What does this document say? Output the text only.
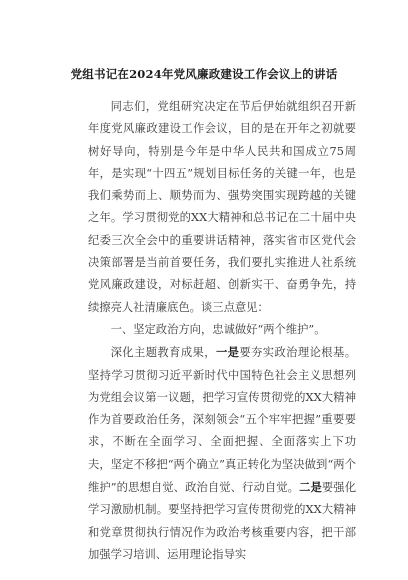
党组书记在2024年党风廉政建设工作会议上的讲话

同志们，党组研究决定在节后伊始就组织召开新年度党风廉政建设工作会议，目的是在开年之初就要树好导向，特别是今年是中华人民共和国成立75周年，是实现“十四五”规划目标任务的关键一年，也是我们乘势而上、顺势而为、强势突围实现跨越的关键之年。学习贯彻党的XX大精神和总书记在二十届中央纪委三次全会中的重要讲话精神，落实省市区党代会决策部署是当前首要任务，我们要扎实推进人社系统党风廉政建设，对标赶超、创新实干、奋勇争先，持续擦亮人社清廉底色。谈三点意见：

一、坚定政治方向，忠诚做好“两个维护”。

深化主题教育成果，一是要夯实政治理论根基。坚持学习贯彻习近平新时代中国特色社会主义思想列为党组会议第一议题，把学习宣传贯彻党的XX大精神作为首要政治任务，深刻领会“五个牢牢把握”重要要求，不断在全面学习、全面把握、全面落实上下功夫，坚定不移把“两个确立”真正转化为坚决做到“两个维护”的思想自觉、政治自觉、行动自觉。二是要强化学习激励机制。要坚持把学习宣传贯彻党的XX大精神和党章贯彻执行情况作为政治考核重要内容，把干部加强学习培训、运用理论指导实
